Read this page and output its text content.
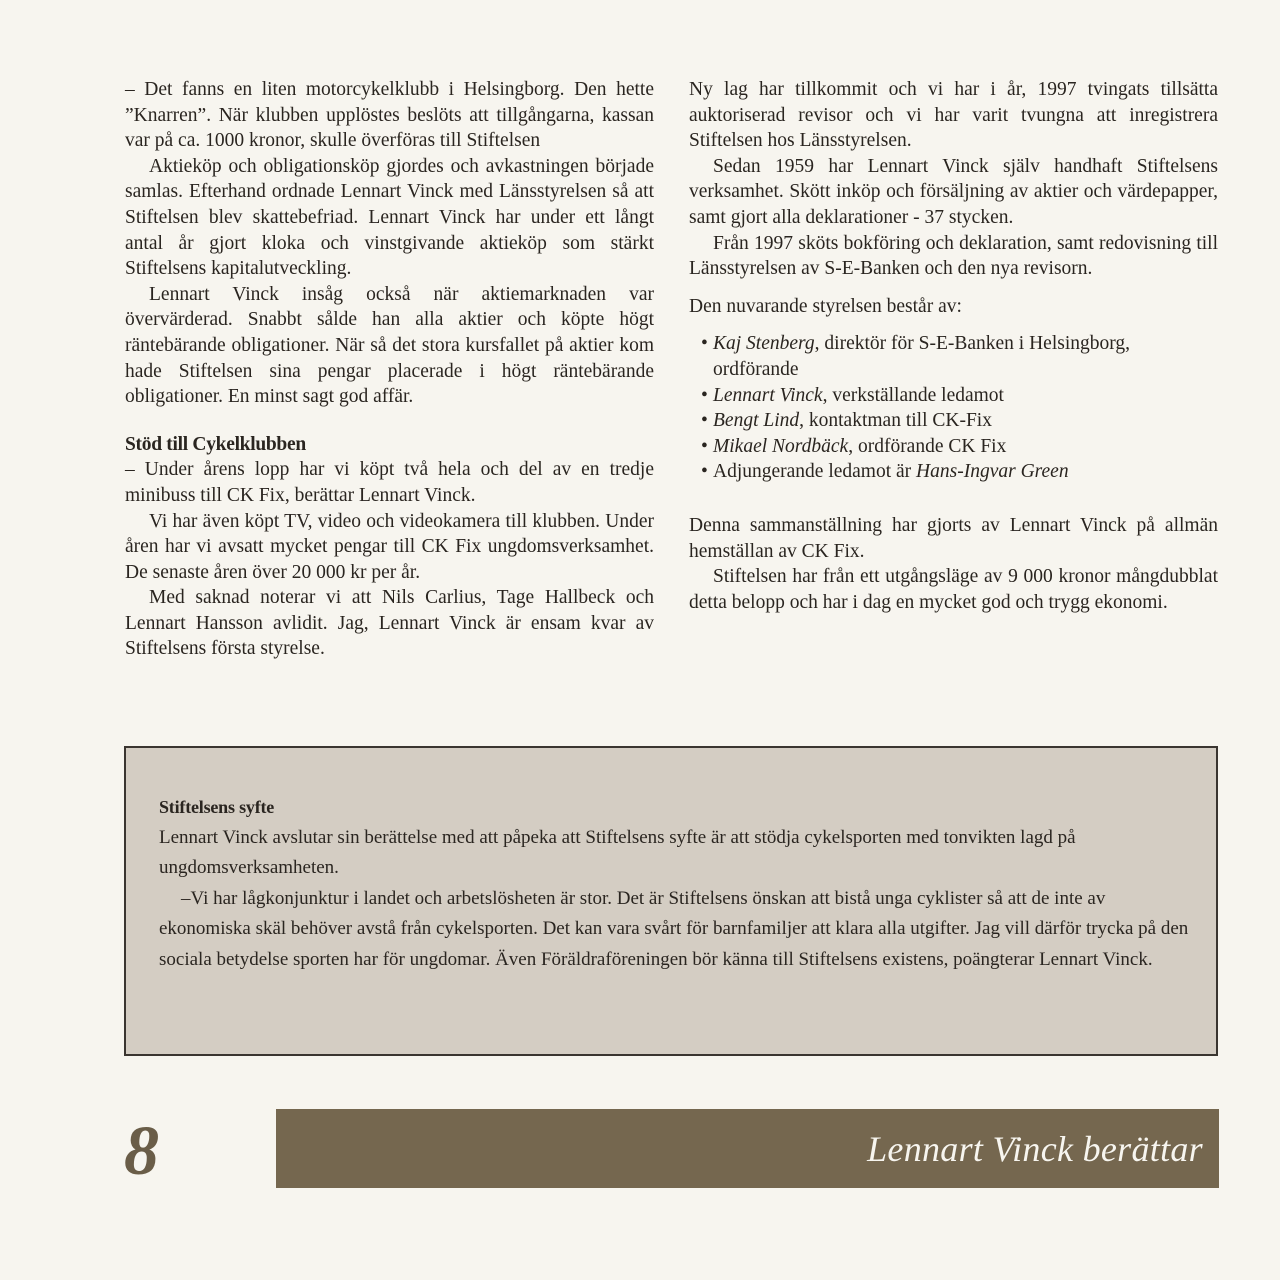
– Det fanns en liten motorcykelklubb i Helsingborg. Den hette ”Knarren”. När klubben upplöstes beslöts att tillgångarna, kassan var på ca. 1000 kronor, skulle överföras till Stiftelsen

Aktieköp och obligationsköp gjordes och avkastningen började samlas. Efterhand ordnade Lennart Vinck med Länsstyrelsen så att Stiftelsen blev skattebefriad. Lennart Vinck har under ett långt antal år gjort kloka och vinstgivande aktieköp som stärkt Stiftelsens kapitalutveckling.

Lennart Vinck insåg också när aktiemarknaden var övervärderad. Snabbt sålde han alla aktier och köpte högt räntebärande obligationer. När så det stora kursfallet på aktier kom hade Stiftelsen sina pengar placerade i högt räntebärande obligationer. En minst sagt god affär.

Stöd till Cykelklubben

– Under årens lopp har vi köpt två hela och del av en tredje minibuss till CK Fix, berättar Lennart Vinck.

Vi har även köpt TV, video och videokamera till klubben. Under åren har vi avsatt mycket pengar till CK Fix ungdomsverksamhet. De senaste åren över 20 000 kr per år.

Med saknad noterar vi att Nils Carlius, Tage Hallbeck och Lennart Hansson avlidit. Jag, Lennart Vinck är ensam kvar av Stiftelsens första styrelse.

Ny lag har tillkommit och vi har i år, 1997 tvingats tillsätta auktoriserad revisor och vi har varit tvungna att inregistrera Stiftelsen hos Länsstyrelsen.

Sedan 1959 har Lennart Vinck själv handhaft Stiftelsens verksamhet. Skött inköp och försäljning av aktier och värdepapper, samt gjort alla deklarationer - 37 stycken.

Från 1997 sköts bokföring och deklaration, samt redovisning till Länsstyrelsen av S-E-Banken och den nya revisorn.

Den nuvarande styrelsen består av:

• Kaj Stenberg, direktör för S-E-Banken i Helsingborg, ordförande
• Lennart Vinck, verkställande ledamot
• Bengt Lind, kontaktman till CK-Fix
• Mikael Nordbäck, ordförande CK Fix
• Adjungerande ledamot är Hans-Ingvar Green

Denna sammanställning har gjorts av Lennart Vinck på allmän hemställan av CK Fix.

Stiftelsen har från ett utgångsläge av 9 000 kronor mångdubblat detta belopp och har i dag en mycket god och trygg ekonomi.

Stiftelsens syfte

Lennart Vinck avslutar sin berättelse med att påpeka att Stiftelsens syfte är att stödja cykelsporten med tonvikten lagd på ungdomsverksamheten.

–Vi har lågkonjunktur i landet och arbetslösheten är stor. Det är Stiftelsens önskan att bistå unga cyklister så att de inte av ekonomiska skäl behöver avstå från cykelsporten. Det kan vara svårt för barnfamiljer att klara alla utgifter. Jag vill därför trycka på den sociala betydelse sporten har för ungdomar. Även Föräldraföreningen bör känna till Stiftelsens existens, poängterar Lennart Vinck.

8	Lennart Vinck berättar
